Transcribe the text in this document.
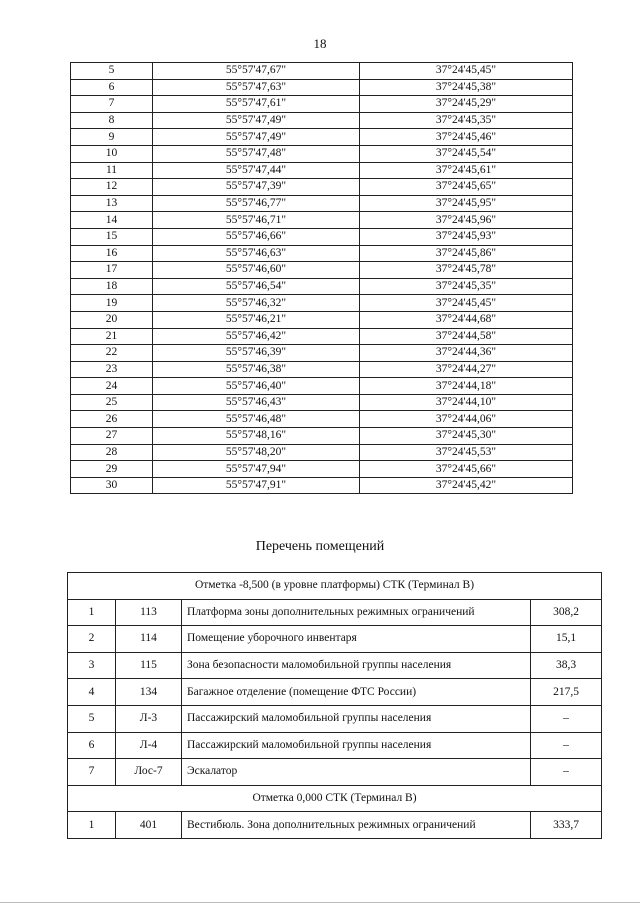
18
5	55°57'47,67"	37°24'45,45"
6	55°57'47,63"	37°24'45,38"
7	55°57'47,61"	37°24'45,29"
8	55°57'47,49"	37°24'45,35"
9	55°57'47,49"	37°24'45,46"
10	55°57'47,48"	37°24'45,54"
11	55°57'47,44"	37°24'45,61"
12	55°57'47,39"	37°24'45,65"
13	55°57'46,77"	37°24'45,95"
14	55°57'46,71"	37°24'45,96"
15	55°57'46,66"	37°24'45,93"
16	55°57'46,63"	37°24'45,86"
17	55°57'46,60"	37°24'45,78"
18	55°57'46,54"	37°24'45,35"
19	55°57'46,32"	37°24'45,45"
20	55°57'46,21"	37°24'44,68"
21	55°57'46,42"	37°24'44,58"
22	55°57'46,39"	37°24'44,36"
23	55°57'46,38"	37°24'44,27"
24	55°57'46,40"	37°24'44,18"
25	55°57'46,43"	37°24'44,10"
26	55°57'46,48"	37°24'44,06"
27	55°57'48,16"	37°24'45,30"
28	55°57'48,20"	37°24'45,53"
29	55°57'47,94"	37°24'45,66"
30	55°57'47,91"	37°24'45,42"
Перечень помещений
Отметка -8,500 (в уровне платформы) СТК (Терминал В)			
1	113	Платформа зоны дополнительных режимных ограничений	308,2
2	114	Помещение уборочного инвентаря	15,1
3	115	Зона безопасности маломобильной группы населения	38,3
4	134	Багажное отделение (помещение ФТС России)	217,5
5	Л-3	Пассажирский маломобильной группы населения	–
6	Л-4	Пассажирский маломобильной группы населения	–
7	Лос-7	Эскалатор	–
Отметка 0,000 СТК (Терминал В)			
1	401	Вестибюль. Зона дополнительных режимных ограничений	333,7
